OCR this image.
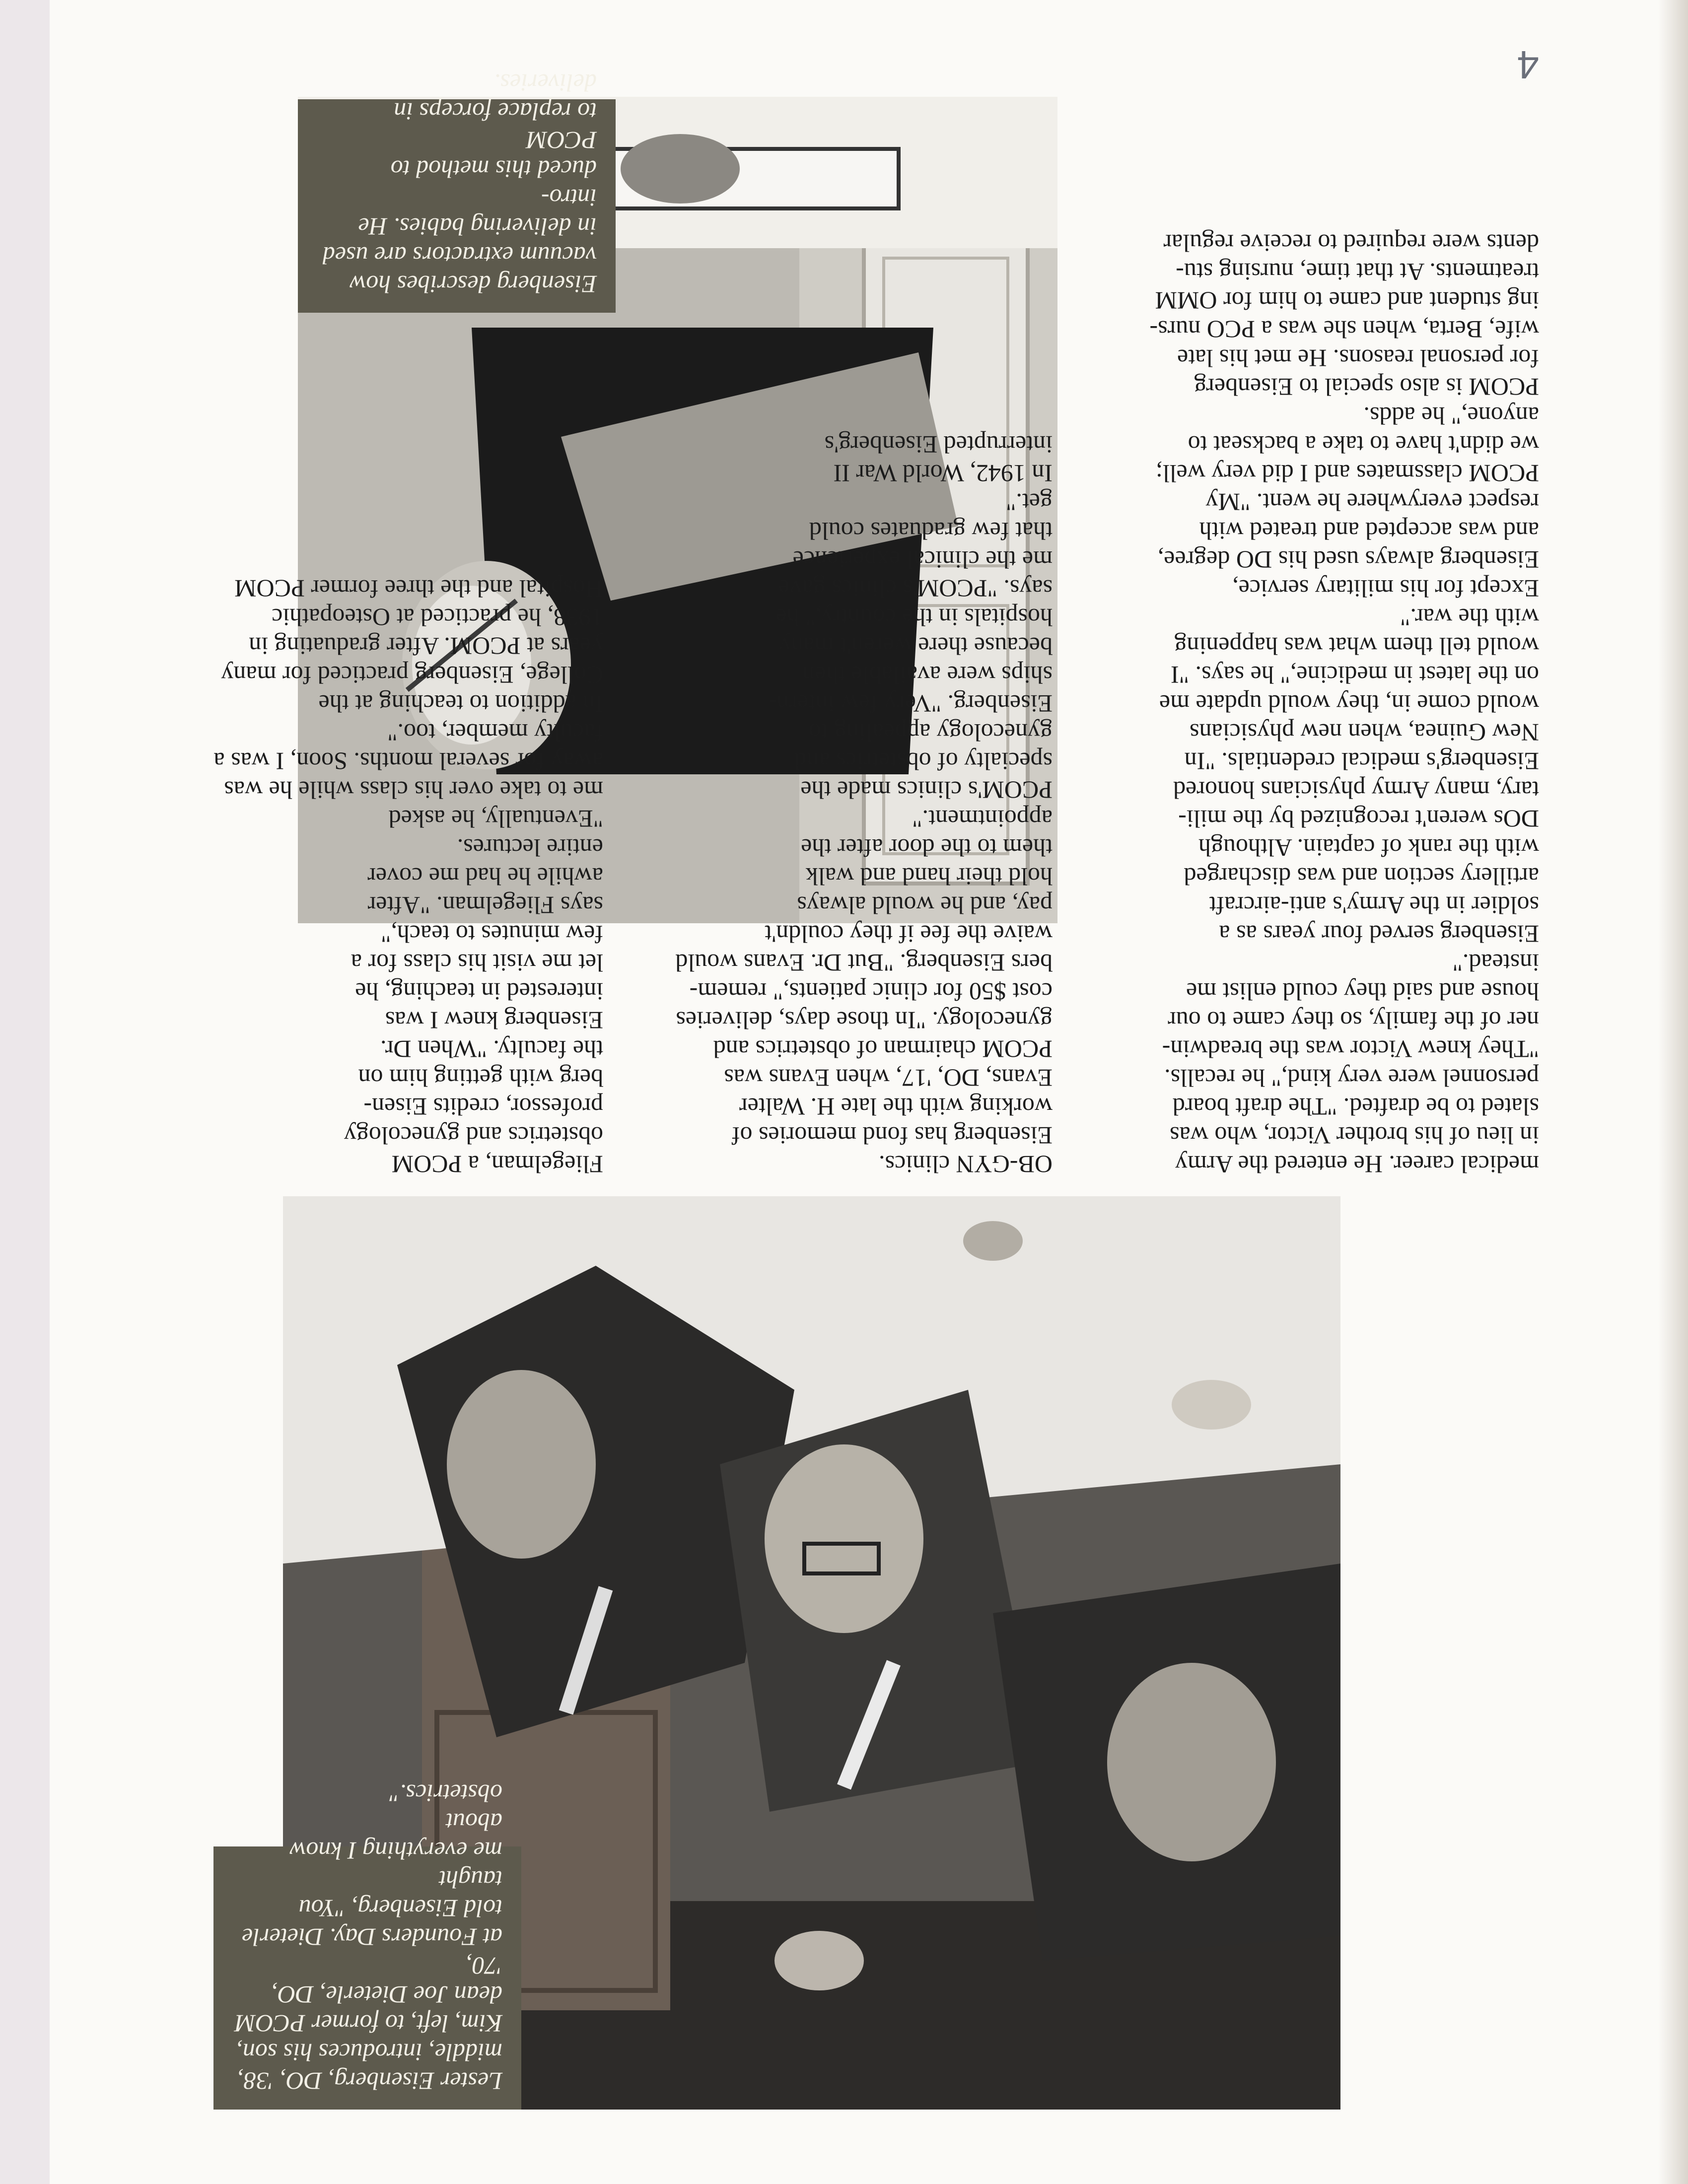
4

Eisenberg describes how
vacuum extractors are used
in delivering babies. He intro-
duced this method to PCOM
to replace forceps in
deliveries.

Lester Eisenberg, DO, '38,
middle, introduces his son,
Kim, left, to former PCOM
dean Joe Dieterle, DO, '70,
at Founders Day. Dieterle
told Eisenberg, "You taught
me everything I know about
obstetrics."

Fliegelman, a PCOM

obstetrics and gynecology

professor, credits Eisen-

berg with getting him on

the faculty. "When Dr.

Eisenberg knew I was

interested in teaching, he

let me visit his class for a

few minutes to teach,"

says Fliegelman. "After

awhile he had me cover

entire lectures.

"Eventually, he asked

me to take over his class while he was

away for several months. Soon, I was a

faculty member, too."

In addition to teaching at the

College, Eisenberg practiced for many

years at PCOM. After graduating in

1938, he practiced at Osteopathic

Hospital and the three former PCOM

OB-GYN clinics.

Eisenberg has fond memories of

working with the late H. Walter

Evans, DO, '17, when Evans was

PCOM chairman of obstetrics and

gynecology. "In those days, deliveries

cost $50 for clinic patients," remem-

bers Eisenberg. "But Dr. Evans would

waive the fee if they couldn't

pay, and he would always

hold their hand and walk

them to the door after the

appointment."

PCOM's clinics made the

specialty of obstetrics and

gynecology appealing to

Eisenberg. "Very few intern-

ships were available then

because there weren't many

hospitals in the country," he

says. "PCOM's clinics gave

me the clinical experience

that few graduates could

get."

In 1942, World War II

interrupted Eisenberg's

medical career. He entered the Army

in lieu of his brother Victor, who was

slated to be drafted. "The draft board

personnel were very kind," he recalls.

"They knew Victor was the breadwin-

ner of the family, so they came to our

house and said they could enlist me

instead."

Eisenberg served four years as a

soldier in the Army's anti-aircraft

artillery section and was discharged

with the rank of captain. Although

DOs weren't recognized by the mili-

tary, many Army physicians honored

Eisenberg's medical credentials. "In

New Guinea, when new physicians

would come in, they would update me

on the latest in medicine," he says. "I

would tell them what was happening

with the war."

Except for his military service,

Eisenberg always used his DO degree,

and was accepted and treated with

respect everywhere he went. "My

PCOM classmates and I did very well;

we didn't have to take a backseat to

anyone," he adds.

PCOM is also special to Eisenberg

for personal reasons. He met his late

wife, Berta, when she was a PCO nurs-

ing student and came to him for OMM

treatments. At that time, nursing stu-

dents were required to receive regular
